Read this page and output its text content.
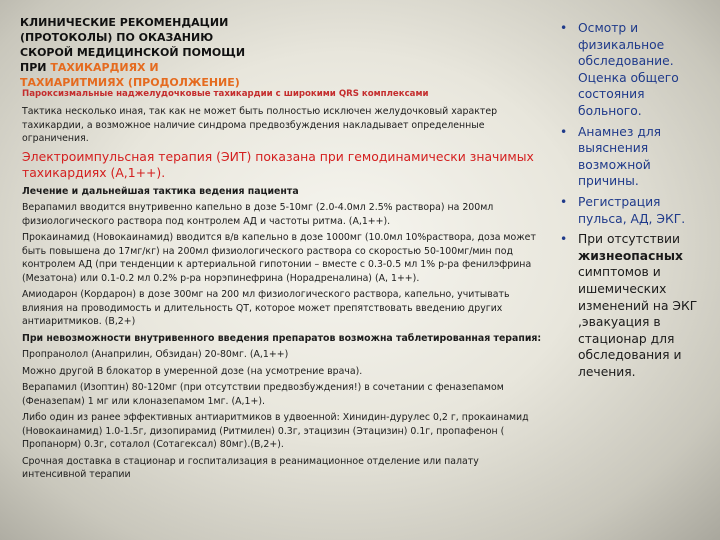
КЛИНИЧЕСКИЕ РЕКОМЕНДАЦИИ
(ПРОТОКОЛЫ) ПО ОКАЗАНИЮ
СКОРОЙ МЕДИЦИНСКОЙ ПОМОЩИ
ПРИ ТАХИКАРДИЯХ И
ТАХИАРИТМИЯХ (ПРОДОЛЖЕНИЕ)
Пароксизмальные наджелудочковые тахикардии с широкими QRS комплексами
Тактика несколько иная, так как не может быть полностью исключен желудочковый характер тахикардии, а возможное наличие синдрома предвозбуждения накладывает определенные ограничения.
Электроимпульсная терапия (ЭИТ) показана при гемодинамически значимых тахикардиях (А,1++).
Лечение и дальнейшая тактика ведения пациента
Верапамил вводится внутривенно капельно в дозе 5-10мг (2.0-4.0мл 2.5% раствора) на 200мл физиологического раствора под контролем АД и частоты ритма. (А,1++).
Прокаинамид (Новокаинамид) вводится в/в капельно в дозе 1000мг (10.0мл 10%раствора, доза может быть повышена до 17мг/кг) на 200мл физиологического раствора со скоростью 50-100мг/мин под контролем АД (при тенденции к артериальной гипотонии – вместе с 0.3-0.5 мл 1% р-ра фенилэфрина (Мезатона) или 0.1-0.2 мл 0.2% р-ра норэпинефрина (Норадреналина) (А, 1++).
Амиодарон (Кордарон) в дозе 300мг на 200 мл физиологического раствора, капельно, учитывать влияния на проводимость и длительность QT, которое может препятствовать введению других антиаритмиков. (В,2+)
При невозможности внутривенного введения препаратов возможна таблетированная терапия:
Пропранолол (Анаприлин, Обзидан) 20-80мг. (А,1++)
Можно другой В блокатор в умеренной дозе (на усмотрение врача).
Верапамил (Изоптин) 80-120мг (при отсутствии предвозбуждения!) в сочетании с феназепамом (Феназепам) 1 мг или клоназепамом 1мг. (А,1+).
Либо один из ранее эффективных антиаритмиков в удвоенной: Хинидин-дурулес 0,2 г, прокаинамид (Новокаинамид) 1.0-1.5г, дизопирамид (Ритмилен) 0.3г, этацизин (Этацизин) 0.1г, пропафенон ( Пропанорм) 0.3г, соталол (Сотагексал) 80мг).(В,2+).
Срочная доставка в стационар и госпитализация в реанимационное отделение или палату интенсивной терапии
• Осмотр и физикальное обследование. Оценка общего состояния больного.
• Анамнез для выяснения возможной причины.
• Регистрация пульса, АД, ЭКГ.
• При отсутствии жизнеопасных симптомов и ишемических изменений на ЭКГ ,эвакуация в стационар для обследования и лечения.
